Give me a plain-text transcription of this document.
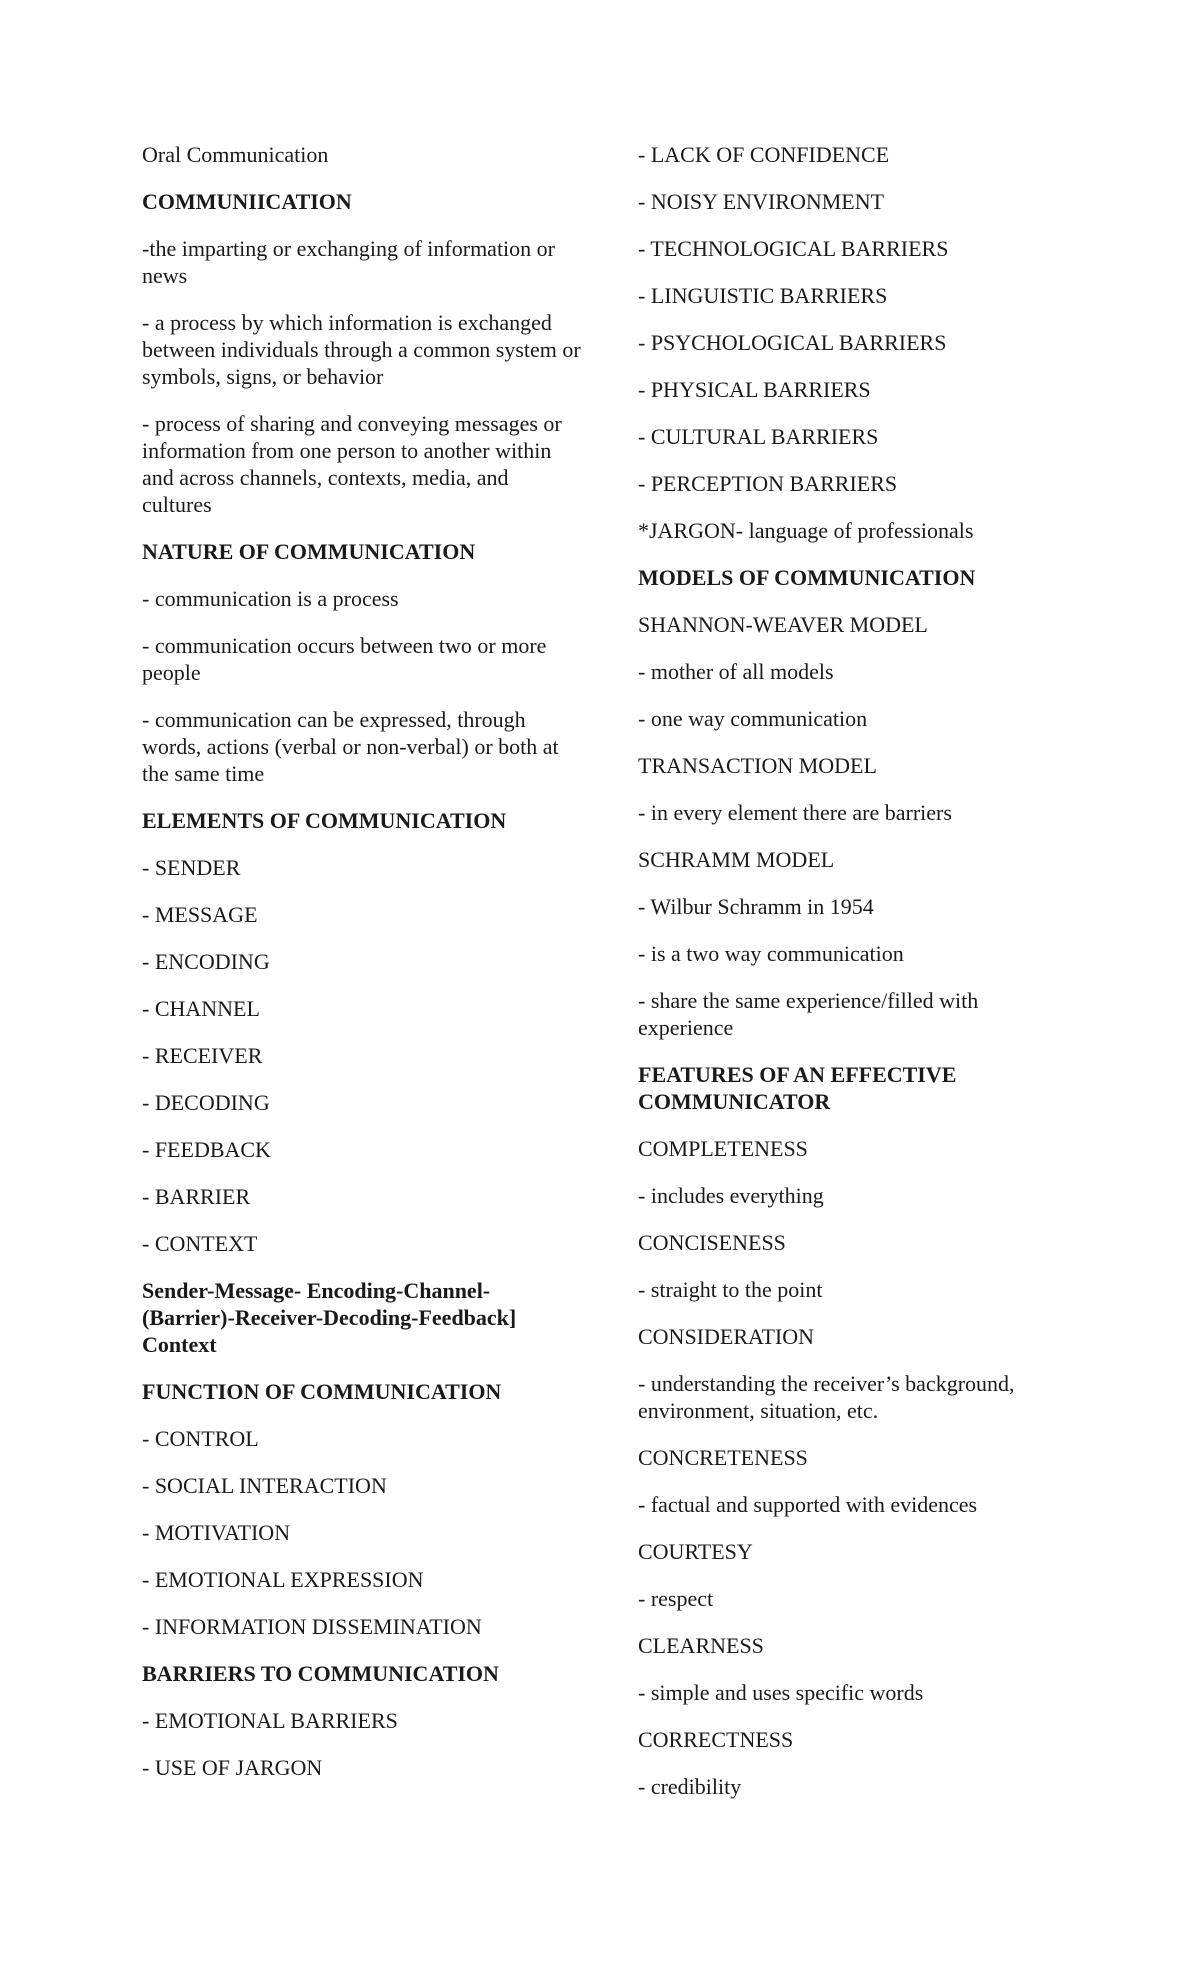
Oral Communication

COMMUNIICATION

-the imparting or exchanging of information or news

- a process by which information is exchanged between individuals through a common system or symbols, signs, or behavior

- process of sharing and conveying messages or information from one person to another within and across channels, contexts, media, and cultures

NATURE OF COMMUNICATION

- communication is a process

- communication occurs between two or more people

- communication can be expressed, through words, actions (verbal or non-verbal) or both at the same time

ELEMENTS OF COMMUNICATION

- SENDER

- MESSAGE

- ENCODING

- CHANNEL

- RECEIVER

- DECODING

- FEEDBACK

- BARRIER

- CONTEXT

Sender-Message- Encoding-Channel-(Barrier)-Receiver-Decoding-Feedback] Context

FUNCTION OF COMMUNICATION

- CONTROL

- SOCIAL INTERACTION

- MOTIVATION

- EMOTIONAL EXPRESSION

- INFORMATION DISSEMINATION

BARRIERS TO COMMUNICATION

- EMOTIONAL BARRIERS

- USE OF JARGON

- LACK OF CONFIDENCE

- NOISY ENVIRONMENT

- TECHNOLOGICAL BARRIERS

- LINGUISTIC BARRIERS

- PSYCHOLOGICAL BARRIERS

- PHYSICAL BARRIERS

- CULTURAL BARRIERS

- PERCEPTION BARRIERS

*JARGON- language of professionals

MODELS OF COMMUNICATION

SHANNON-WEAVER MODEL

- mother of all models

- one way communication

TRANSACTION MODEL

- in every element there are barriers

SCHRAMM MODEL

- Wilbur Schramm in 1954

- is a two way communication

- share the same experience/filled with experience

FEATURES OF AN EFFECTIVE COMMUNICATOR

COMPLETENESS

- includes everything

CONCISENESS

- straight to the point

CONSIDERATION

- understanding the receiver’s background, environment, situation, etc.

CONCRETENESS

- factual and supported with evidences

COURTESY

- respect

CLEARNESS

- simple and uses specific words

CORRECTNESS

- credibility
